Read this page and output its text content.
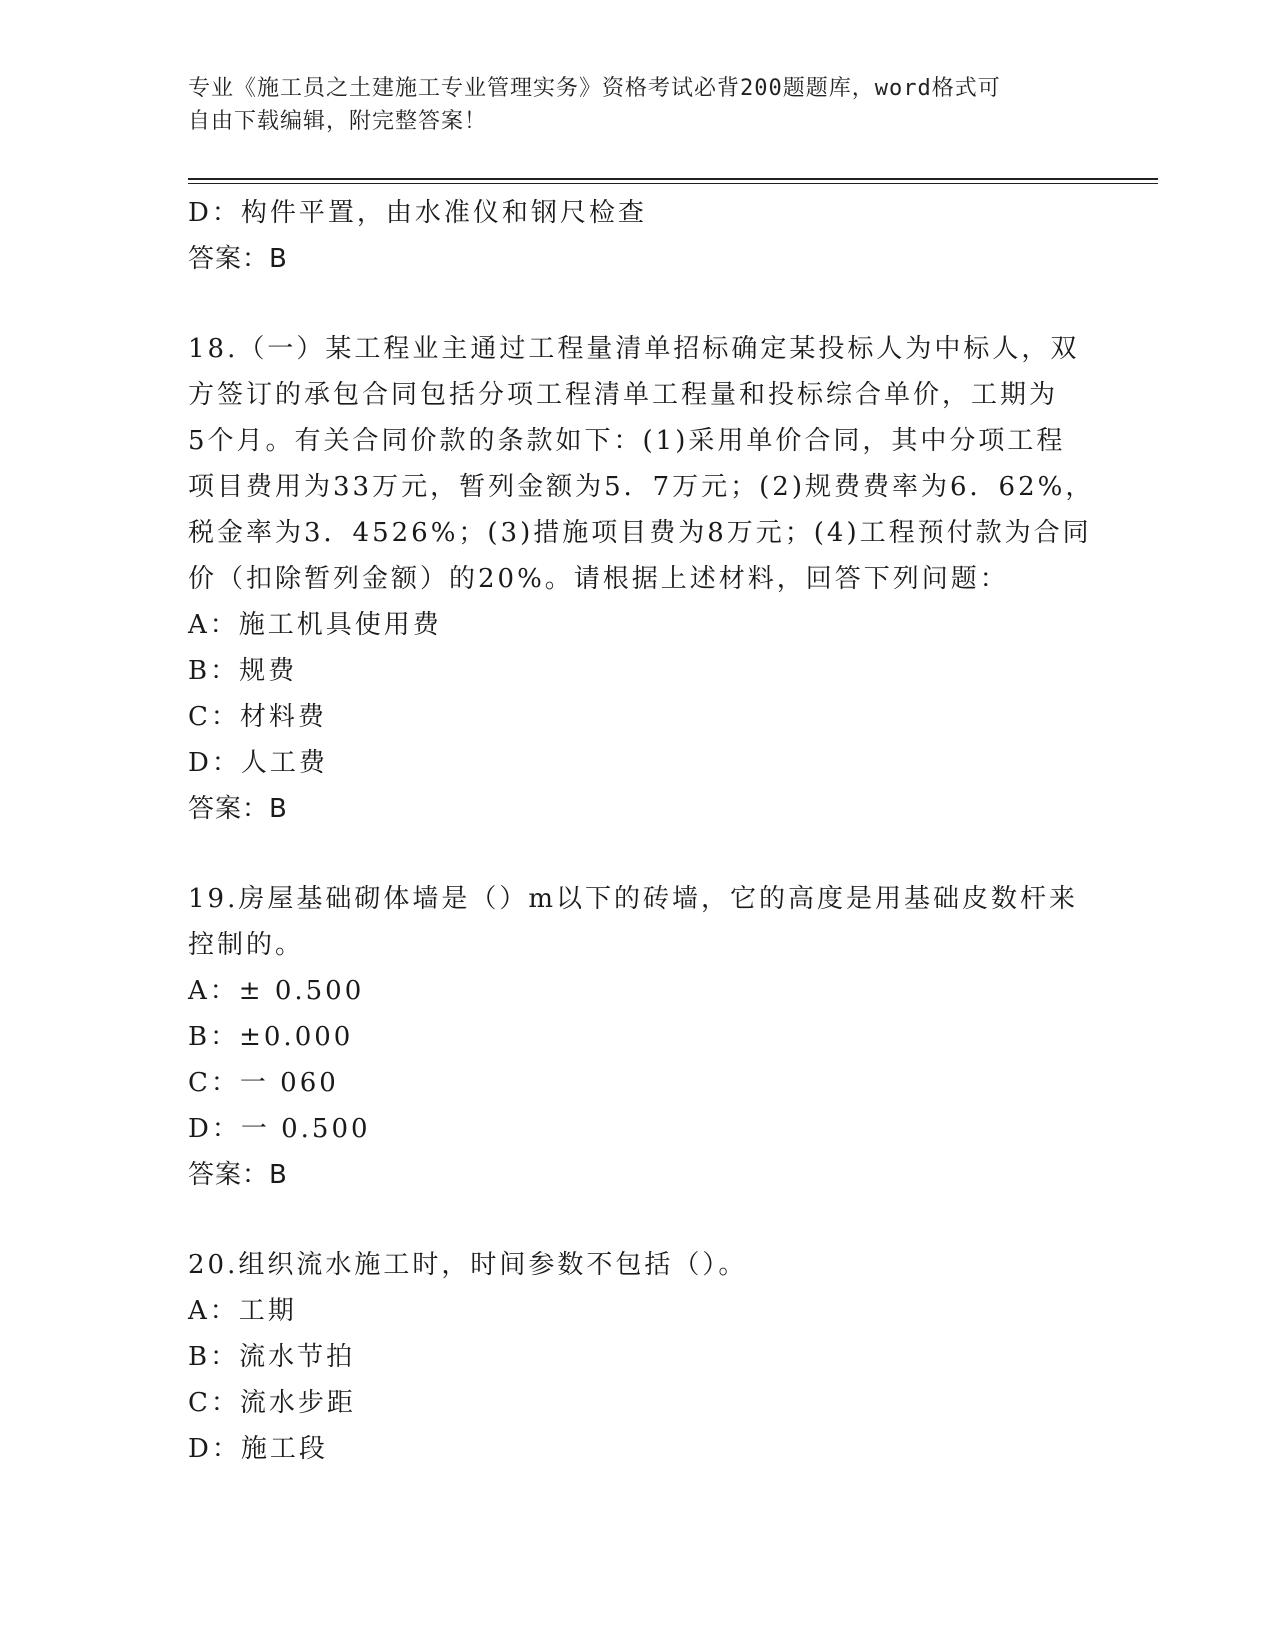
专业《施工员之土建施工专业管理实务》资格考试必背200题题库，word格式可
自由下载编辑，附完整答案！
D：构件平置，由水准仪和钢尺检查
答案：B
18.（一）某工程业主通过工程量清单招标确定某投标人为中标人，双
方签订的承包合同包括分项工程清单工程量和投标综合单价，工期为
5个月。有关合同价款的条款如下：(1)采用单价合同，其中分项工程
项目费用为33万元，暂列金额为5．7万元；(2)规费费率为6．62%，
税金率为3．4526%；(3)措施项目费为8万元；(4)工程预付款为合同
价（扣除暂列金额）的20%。请根据上述材料，回答下列问题：
A：施工机具使用费
B：规费
C：材料费
D：人工费
答案：B
19.房屋基础砌体墙是（）m以下的砖墙，它的高度是用基础皮数杆来
控制的。
A：± 0.500
B：±0.000
C：一 060
D：一 0.500
答案：B
20.组织流水施工时，时间参数不包括（）。
A：工期
B：流水节拍
C：流水步距
D：施工段
